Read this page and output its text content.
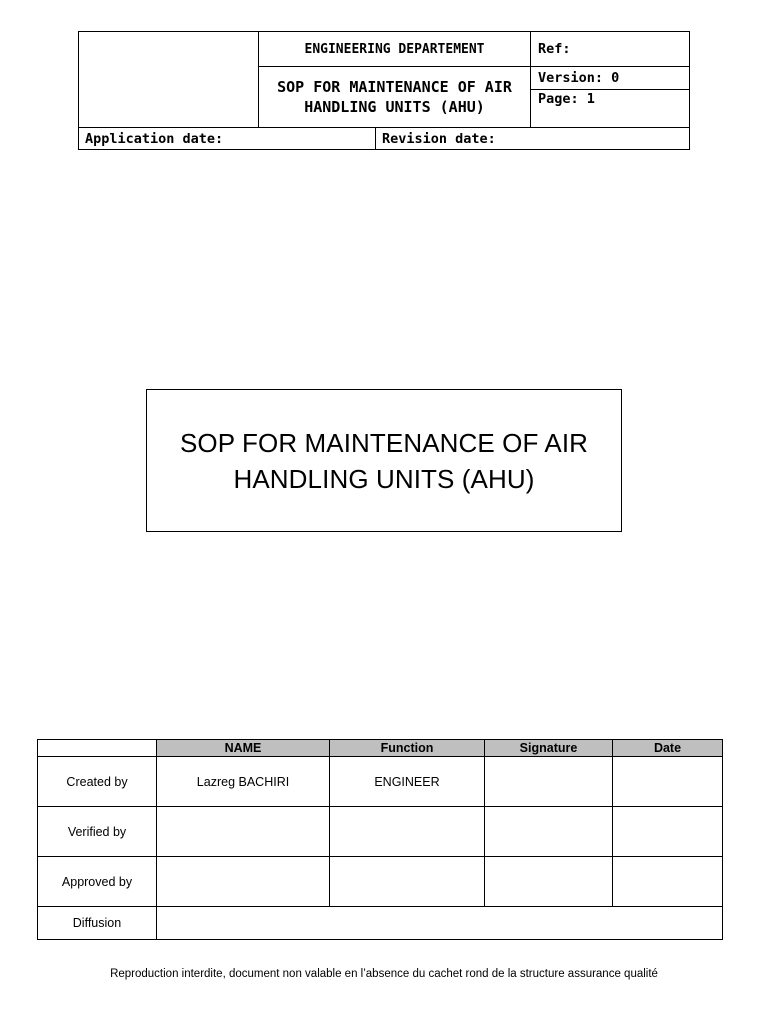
	ENGINEERING DEPARTEMENT		Ref:
	SOP FOR MAINTENANCE OF AIR HANDLING UNITS (AHU)		Version: 0
			Page: 1
Application date:		Revision date:	
SOP FOR MAINTENANCE OF AIR HANDLING UNITS (AHU)
	NAME	Function	Signature	Date
Created by	Lazreg BACHIRI	ENGINEER		
Verified by				
Approved by				
Diffusion				
Reproduction interdite, document non valable en l’absence du cachet rond de la structure assurance qualité
